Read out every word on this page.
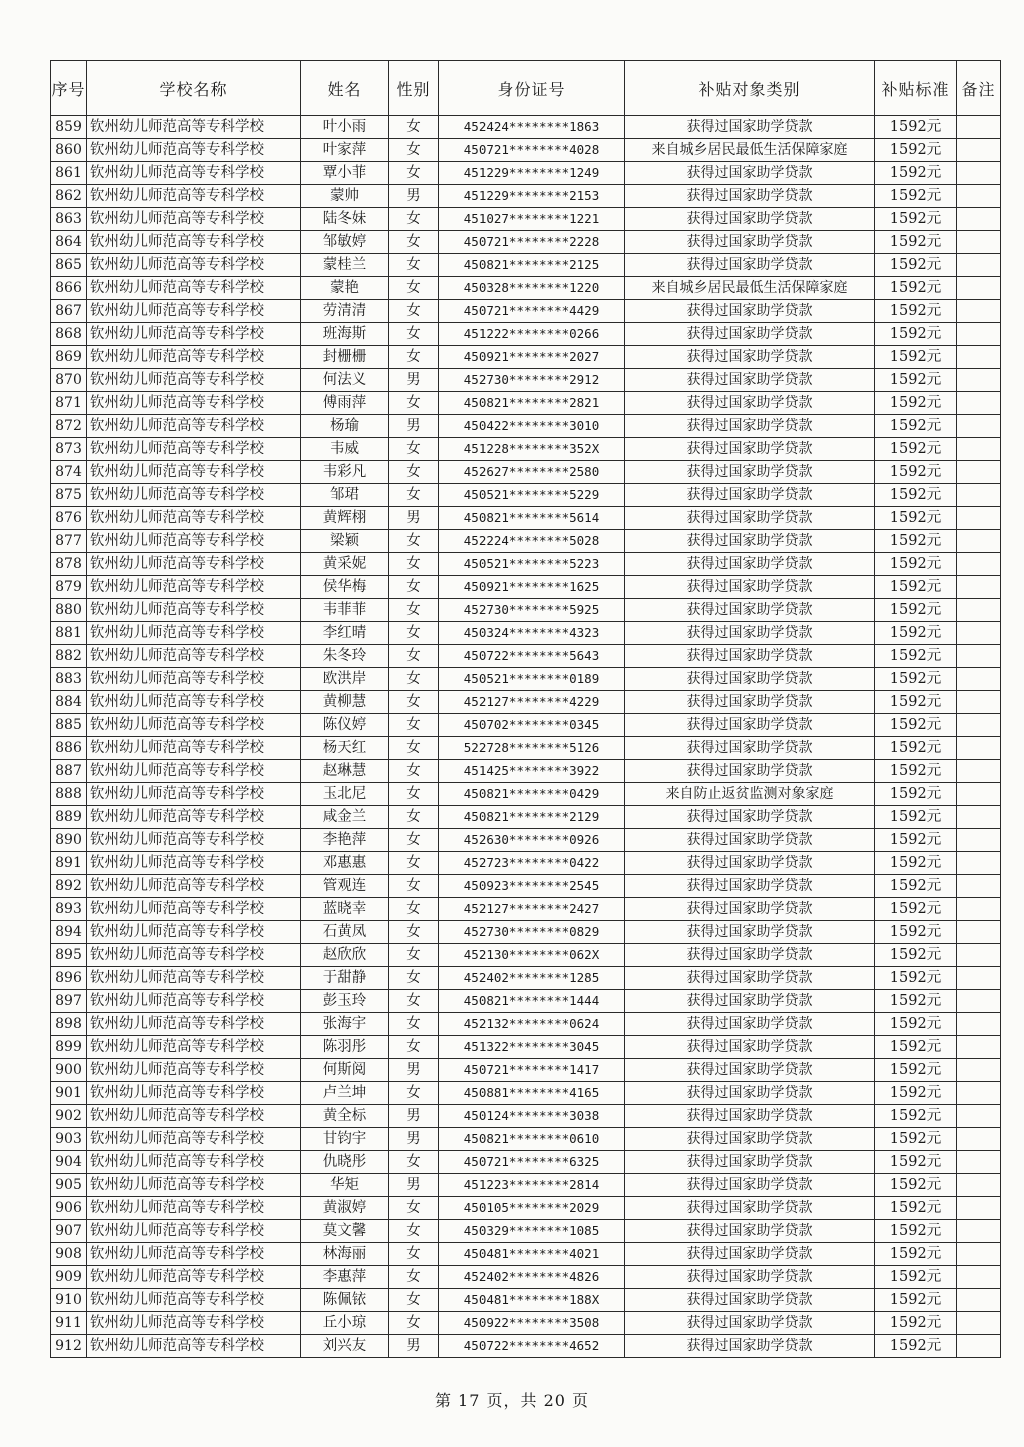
序号	学校名称	姓名	性别	身份证号	补贴对象类别	补贴标准	备注
859	钦州幼儿师范高等专科学校	叶小雨	女	452424********1863	获得过国家助学贷款	1592元	
860	钦州幼儿师范高等专科学校	叶家萍	女	450721********4028	来自城乡居民最低生活保障家庭	1592元	
861	钦州幼儿师范高等专科学校	覃小菲	女	451229********1249	获得过国家助学贷款	1592元	
862	钦州幼儿师范高等专科学校	蒙帅	男	451229********2153	获得过国家助学贷款	1592元	
863	钦州幼儿师范高等专科学校	陆冬妹	女	451027********1221	获得过国家助学贷款	1592元	
864	钦州幼儿师范高等专科学校	邹敏婷	女	450721********2228	获得过国家助学贷款	1592元	
865	钦州幼儿师范高等专科学校	蒙桂兰	女	450821********2125	获得过国家助学贷款	1592元	
866	钦州幼儿师范高等专科学校	蒙艳	女	450328********1220	来自城乡居民最低生活保障家庭	1592元	
867	钦州幼儿师范高等专科学校	劳清清	女	450721********4429	获得过国家助学贷款	1592元	
868	钦州幼儿师范高等专科学校	班海斯	女	451222********0266	获得过国家助学贷款	1592元	
869	钦州幼儿师范高等专科学校	封栅栅	女	450921********2027	获得过国家助学贷款	1592元	
870	钦州幼儿师范高等专科学校	何法义	男	452730********2912	获得过国家助学贷款	1592元	
871	钦州幼儿师范高等专科学校	傅雨萍	女	450821********2821	获得过国家助学贷款	1592元	
872	钦州幼儿师范高等专科学校	杨瑜	男	450422********3010	获得过国家助学贷款	1592元	
873	钦州幼儿师范高等专科学校	韦威	女	451228********352X	获得过国家助学贷款	1592元	
874	钦州幼儿师范高等专科学校	韦彩凡	女	452627********2580	获得过国家助学贷款	1592元	
875	钦州幼儿师范高等专科学校	邹珺	女	450521********5229	获得过国家助学贷款	1592元	
876	钦州幼儿师范高等专科学校	黄辉栩	男	450821********5614	获得过国家助学贷款	1592元	
877	钦州幼儿师范高等专科学校	梁颖	女	452224********5028	获得过国家助学贷款	1592元	
878	钦州幼儿师范高等专科学校	黄采妮	女	450521********5223	获得过国家助学贷款	1592元	
879	钦州幼儿师范高等专科学校	侯华梅	女	450921********1625	获得过国家助学贷款	1592元	
880	钦州幼儿师范高等专科学校	韦菲菲	女	452730********5925	获得过国家助学贷款	1592元	
881	钦州幼儿师范高等专科学校	李红晴	女	450324********4323	获得过国家助学贷款	1592元	
882	钦州幼儿师范高等专科学校	朱冬玲	女	450722********5643	获得过国家助学贷款	1592元	
883	钦州幼儿师范高等专科学校	欧洪岸	女	450521********0189	获得过国家助学贷款	1592元	
884	钦州幼儿师范高等专科学校	黄柳慧	女	452127********4229	获得过国家助学贷款	1592元	
885	钦州幼儿师范高等专科学校	陈仪婷	女	450702********0345	获得过国家助学贷款	1592元	
886	钦州幼儿师范高等专科学校	杨天红	女	522728********5126	获得过国家助学贷款	1592元	
887	钦州幼儿师范高等专科学校	赵琳慧	女	451425********3922	获得过国家助学贷款	1592元	
888	钦州幼儿师范高等专科学校	玉北尼	女	450821********0429	来自防止返贫监测对象家庭	1592元	
889	钦州幼儿师范高等专科学校	咸金兰	女	450821********2129	获得过国家助学贷款	1592元	
890	钦州幼儿师范高等专科学校	李艳萍	女	452630********0926	获得过国家助学贷款	1592元	
891	钦州幼儿师范高等专科学校	邓惠惠	女	452723********0422	获得过国家助学贷款	1592元	
892	钦州幼儿师范高等专科学校	管观连	女	450923********2545	获得过国家助学贷款	1592元	
893	钦州幼儿师范高等专科学校	蓝晓幸	女	452127********2427	获得过国家助学贷款	1592元	
894	钦州幼儿师范高等专科学校	石黄凤	女	452730********0829	获得过国家助学贷款	1592元	
895	钦州幼儿师范高等专科学校	赵欣欣	女	452130********062X	获得过国家助学贷款	1592元	
896	钦州幼儿师范高等专科学校	于甜静	女	452402********1285	获得过国家助学贷款	1592元	
897	钦州幼儿师范高等专科学校	彭玉玲	女	450821********1444	获得过国家助学贷款	1592元	
898	钦州幼儿师范高等专科学校	张海宇	女	452132********0624	获得过国家助学贷款	1592元	
899	钦州幼儿师范高等专科学校	陈羽彤	女	451322********3045	获得过国家助学贷款	1592元	
900	钦州幼儿师范高等专科学校	何斯阅	男	450721********1417	获得过国家助学贷款	1592元	
901	钦州幼儿师范高等专科学校	卢兰坤	女	450881********4165	获得过国家助学贷款	1592元	
902	钦州幼儿师范高等专科学校	黄全标	男	450124********3038	获得过国家助学贷款	1592元	
903	钦州幼儿师范高等专科学校	甘钧宇	男	450821********0610	获得过国家助学贷款	1592元	
904	钦州幼儿师范高等专科学校	仇晓彤	女	450721********6325	获得过国家助学贷款	1592元	
905	钦州幼儿师范高等专科学校	华矩	男	451223********2814	获得过国家助学贷款	1592元	
906	钦州幼儿师范高等专科学校	黄淑婷	女	450105********2029	获得过国家助学贷款	1592元	
907	钦州幼儿师范高等专科学校	莫文馨	女	450329********1085	获得过国家助学贷款	1592元	
908	钦州幼儿师范高等专科学校	林海丽	女	450481********4021	获得过国家助学贷款	1592元	
909	钦州幼儿师范高等专科学校	李惠萍	女	452402********4826	获得过国家助学贷款	1592元	
910	钦州幼儿师范高等专科学校	陈佩铱	女	450481********188X	获得过国家助学贷款	1592元	
911	钦州幼儿师范高等专科学校	丘小琼	女	450922********3508	获得过国家助学贷款	1592元	
912	钦州幼儿师范高等专科学校	刘兴友	男	450722********4652	获得过国家助学贷款	1592元	
第 17 页，共 20 页
